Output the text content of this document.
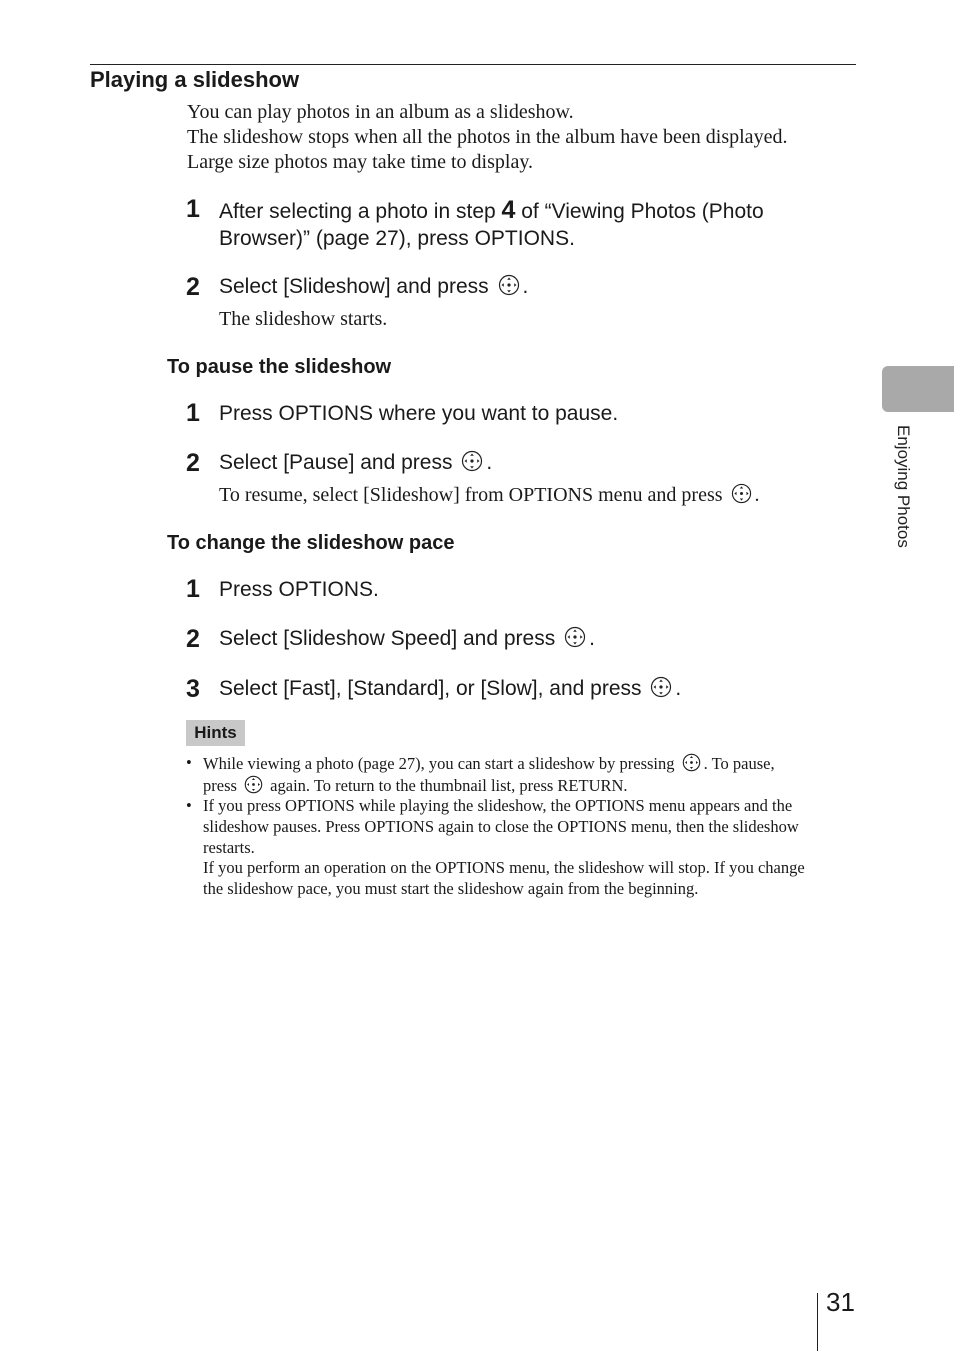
Playing a slideshow
You can play photos in an album as a slideshow.
The slideshow stops when all the photos in the album have been displayed.
Large size photos may take time to display.
1 After selecting a photo in step 4 of “Viewing Photos (Photo
Browser)” (page 27), press OPTIONS.
2 Select [Slideshow] and press .
The slideshow starts.
To pause the slideshow
1 Press OPTIONS where you want to pause.
2 Select [Pause] and press .
To resume, select [Slideshow] from OPTIONS menu and press .
To change the slideshow pace
1 Press OPTIONS.
2 Select [Slideshow Speed] and press .
3 Select [Fast], [Standard], or [Slow], and press .
Hints
• While viewing a photo (page 27), you can start a slideshow by pressing . To pause,
press again. To return to the thumbnail list, press RETURN.
• If you press OPTIONS while playing the slideshow, the OPTIONS menu appears and the
slideshow pauses. Press OPTIONS again to close the OPTIONS menu, then the slideshow
restarts.
If you perform an operation on the OPTIONS menu, the slideshow will stop. If you change
the slideshow pace, you must start the slideshow again from the beginning.
Enjoying Photos
31
